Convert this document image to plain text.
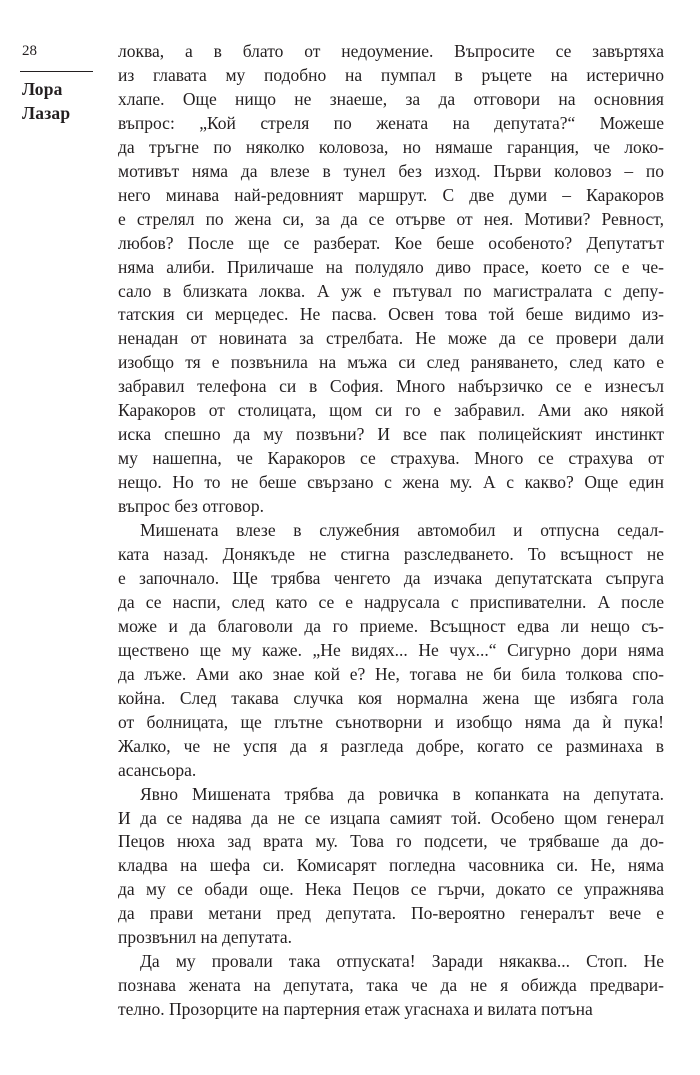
28
Лора
Лазар

локва, а в блато от недоумение. Въпросите се завъртяха
из главата му подобно на пумпал в ръцете на истерично
хлапе. Още нищо не знаеше, за да отговори на основния
въпрос: „Кой стреля по жената на депутата?“ Можеше
да тръгне по няколко коловоза, но нямаше гаранция, че локо-
мотивът няма да влезе в тунел без изход. Първи коловоз – по
него минава най-редовният маршрут. С две думи – Каракоров
е стрелял по жена си, за да се отърве от нея. Мотиви? Ревност,
любов? После ще се разберат. Кое беше особеното? Депутатът
няма алиби. Приличаше на полудяло диво прасе, което се е че-
сало в близката локва. А уж е пътувал по магистралата с депу-
татския си мерцедес. Не пасва. Освен това той беше видимо из-
ненадан от новината за стрелбата. Не може да се провери дали
изобщо тя е позвънила на мъжа си след раняването, след като е
забравил телефона си в София. Много набързичко се е изнесъл
Каракоров от столицата, щом си го е забравил. Ами ако някой
иска спешно да му позвъни? И все пак полицейският инстинкт
му нашепна, че Каракоров се страхува. Много се страхува от
нещо. Но то не беше свързано с жена му. А с какво? Още един
въпрос без отговор.

Мишената влезе в служебния автомобил и отпусна седал-
ката назад. Донякъде не стигна разследването. То всъщност не
е започнало. Ще трябва ченгето да изчака депутатската съпруга
да се наспи, след като се е надрусала с приспивателни. А после
може и да благоволи да го приеме. Всъщност едва ли нещо съ-
ществено ще му каже. „Не видях... Не чух...“ Сигурно дори няма
да лъже. Ами ако знае кой е? Не, тогава не би била толкова спо-
койна. След такава случка коя нормална жена ще избяга гола
от болницата, ще глътне сънотворни и изобщо няма да ѝ пука!
Жалко, че не успя да я разгледа добре, когато се разминаха в
асансьора.

Явно Мишената трябва да ровичка в копанката на депутата.
И да се надява да не се изцапа самият той. Особено щом генерал
Пецов нюха зад врата му. Това го подсети, че трябваше да до-
кладва на шефа си. Комисарят погледна часовника си. Не, няма
да му се обади още. Нека Пецов се гърчи, докато се упражнява
да прави метани пред депутата. По-вероятно генералът вече е
прозвънил на депутата.

Да му провали така отпуската! Заради някаква... Стоп. Не
познава жената на депутата, така че да не я обижда предвари-
телно. Прозорците на партерния етаж угаснаха и вилата потъна
